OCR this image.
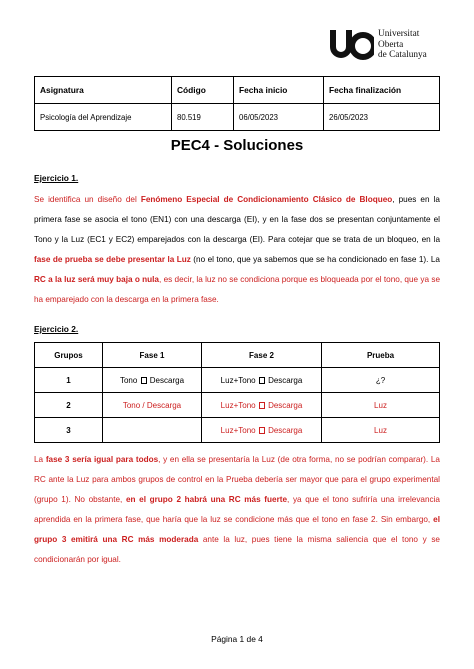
Universitat
Oberta
de Catalunya
Asignatura	Código	Fecha inicio	Fecha finalización
Psicología del Aprendizaje	80.519	06/05/2023	26/05/2023
PEC4 - Soluciones
Ejercicio 1.

Se identifica un diseño del Fenómeno Especial de Condicionamiento Clásico de Bloqueo, pues en la primera fase se asocia el tono (EN1) con una descarga (EI), y en la fase dos se presentan conjuntamente el Tono y la Luz (EC1 y EC2) emparejados con la descarga (EI). Para cotejar que se trata de un bloqueo, en la fase de prueba se debe presentar la Luz (no el tono, que ya sabemos que se ha condicionado en fase 1). La RC a la luz será muy baja o nula, es decir, la luz no se condiciona porque es bloqueada por el tono, que ya se ha emparejado con la descarga en la primera fase.

Ejercicio 2.
Grupos	Fase 1	Fase 2	Prueba
1	Tono Descarga	Luz+Tono Descarga	¿?
2	Tono / Descarga	Luz+Tono Descarga	Luz
3		Luz+Tono Descarga	Luz

La fase 3 sería igual para todos, y en ella se presentaría la Luz (de otra forma, no se podrían comparar). La RC ante la Luz para ambos grupos de control en la Prueba debería ser mayor que para el grupo experimental (grupo 1). No obstante, en el grupo 2 habrá una RC más fuerte, ya que el tono sufriría una irrelevancia aprendida en la primera fase, que haría que la luz se condicione más que el tono en fase 2. Sin embargo, el grupo 3 emitirá una RC más moderada ante la luz, pues tiene la misma saliencia que el tono y se condicionarán por igual.

Página 1 de 4
